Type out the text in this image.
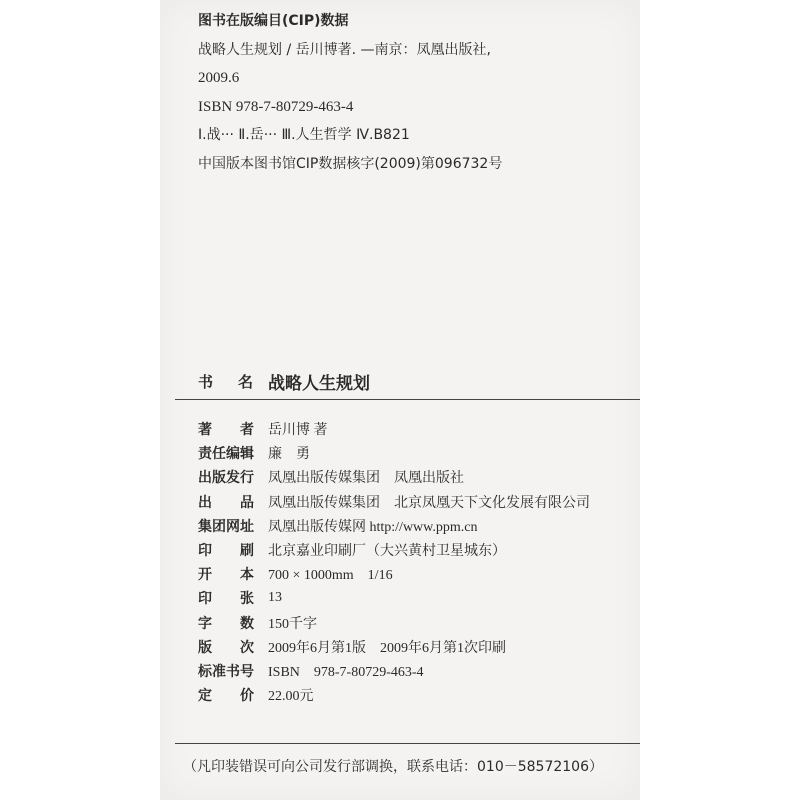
图书在版编目(CIP)数据
战略人生规划 / 岳川博著. —南京：凤凰出版社,
2009.6
ISBN 978-7-80729-463-4
Ⅰ.战··· Ⅱ.岳··· Ⅲ.人生哲学 Ⅳ.B821
中国版本图书馆CIP数据核字(2009)第096732号
书 名 战略人生规划
著　　者	岳川博 著
责任编辑	廉　勇
出版发行	凤凰出版传媒集团　凤凰出版社
出　　品	凤凰出版传媒集团　北京凤凰天下文化发展有限公司
集团网址	凤凰出版传媒网 http://www.ppm.cn
印　　刷	北京嘉业印刷厂（大兴黄村卫星城东）
开　　本	700 × 1000mm　1/16
印　　张	13
字　　数	150千字
版　　次	2009年6月第1版　2009年6月第1次印刷
标准书号	ISBN　978-7-80729-463-4
定　　价	22.00元
（凡印装错误可向公司发行部调换，联系电话：010－58572106）
